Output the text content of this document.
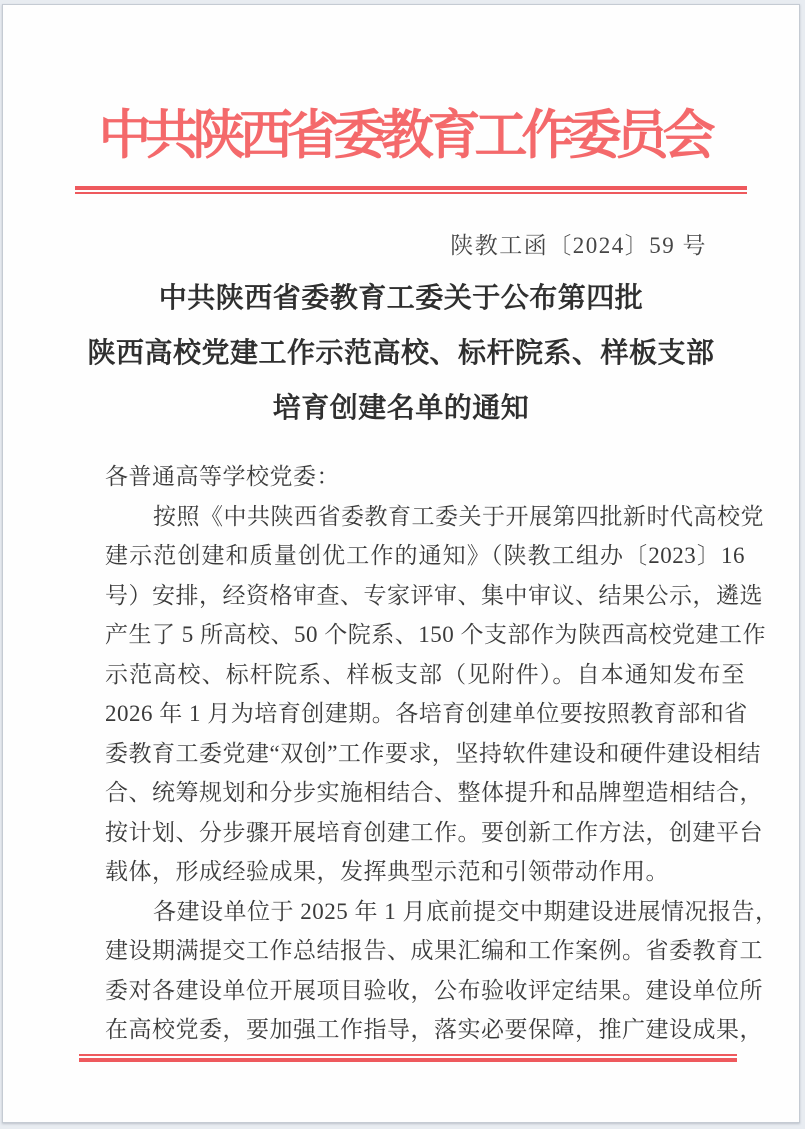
中共陕西省委教育工作委员会
陕教工函〔2024〕59 号
中共陕西省委教育工委关于公布第四批
陕西高校党建工作示范高校、标杆院系、样板支部
培育创建名单的通知
各普通高等学校党委：
按照《中共陕西省委教育工委关于开展第四批新时代高校党
建示范创建和质量创优工作的通知》（陕教工组办〔2023〕16
号）安排，经资格审查、专家评审、集中审议、结果公示，遴选
产生了 5 所高校、50 个院系、150 个支部作为陕西高校党建工作
示范高校、标杆院系、样板支部（见附件）。自本通知发布至
2026 年 1 月为培育创建期。各培育创建单位要按照教育部和省
委教育工委党建“双创”工作要求，坚持软件建设和硬件建设相结
合、统筹规划和分步实施相结合、整体提升和品牌塑造相结合，
按计划、分步骤开展培育创建工作。要创新工作方法，创建平台
载体，形成经验成果，发挥典型示范和引领带动作用。
各建设单位于 2025 年 1 月底前提交中期建设进展情况报告，
建设期满提交工作总结报告、成果汇编和工作案例。省委教育工
委对各建设单位开展项目验收，公布验收评定结果。建设单位所
在高校党委，要加强工作指导，落实必要保障，推广建设成果，
